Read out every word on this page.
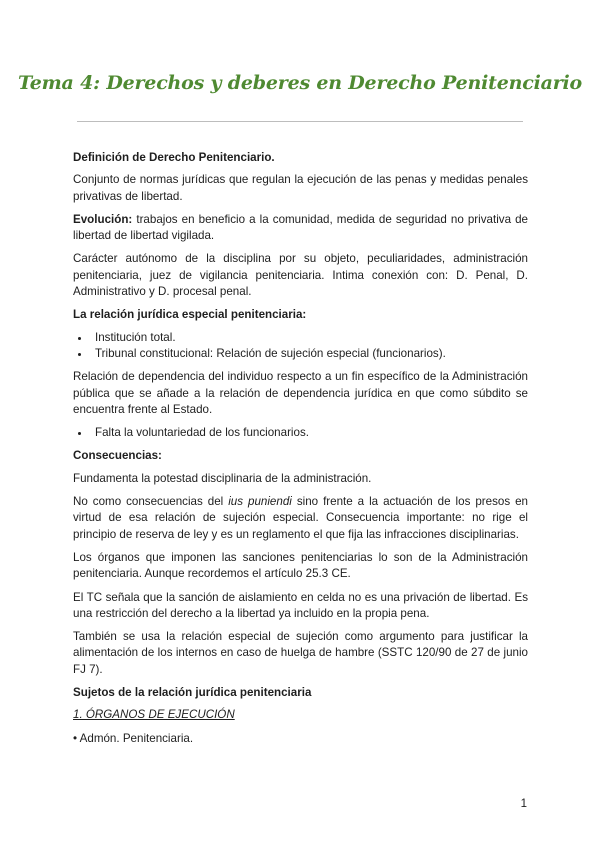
Tema 4: Derechos y deberes en Derecho Penitenciario
Definición de Derecho Penitenciario.

Conjunto de normas jurídicas que regulan la ejecución de las penas y medidas penales privativas de libertad.

Evolución: trabajos en beneficio a la comunidad, medida de seguridad no privativa de libertad de libertad vigilada.

Carácter autónomo de la disciplina por su objeto, peculiaridades, administración penitenciaria, juez de vigilancia penitenciaria. Intima conexión con: D. Penal, D. Administrativo y D. procesal penal.

La relación jurídica especial penitenciaria:
• Institución total.
• Tribunal constitucional: Relación de sujeción especial (funcionarios).

Relación de dependencia del individuo respecto a un fin específico de la Administración pública que se añade a la relación de dependencia jurídica en que como súbdito se encuentra frente al Estado.

• Falta la voluntariedad de los funcionarios.
Consecuencias:

Fundamenta la potestad disciplinaria de la administración.

No como consecuencias del ius puniendi sino frente a la actuación de los presos en virtud de esa relación de sujeción especial. Consecuencia importante: no rige el principio de reserva de ley y es un reglamento el que fija las infracciones disciplinarias.

Los órganos que imponen las sanciones penitenciarias lo son de la Administración penitenciaria. Aunque recordemos el artículo 25.3 CE.

El TC señala que la sanción de aislamiento en celda no es una privación de libertad. Es una restricción del derecho a la libertad ya incluido en la propia pena.

También se usa la relación especial de sujeción como argumento para justificar la alimentación de los internos en caso de huelga de hambre (SSTC 120/90 de 27 de junio FJ 7).

Sujetos de la relación jurídica penitenciaria
1. ÓRGANOS DE EJECUCIÓN

• Admón. Penitenciaria.

1
